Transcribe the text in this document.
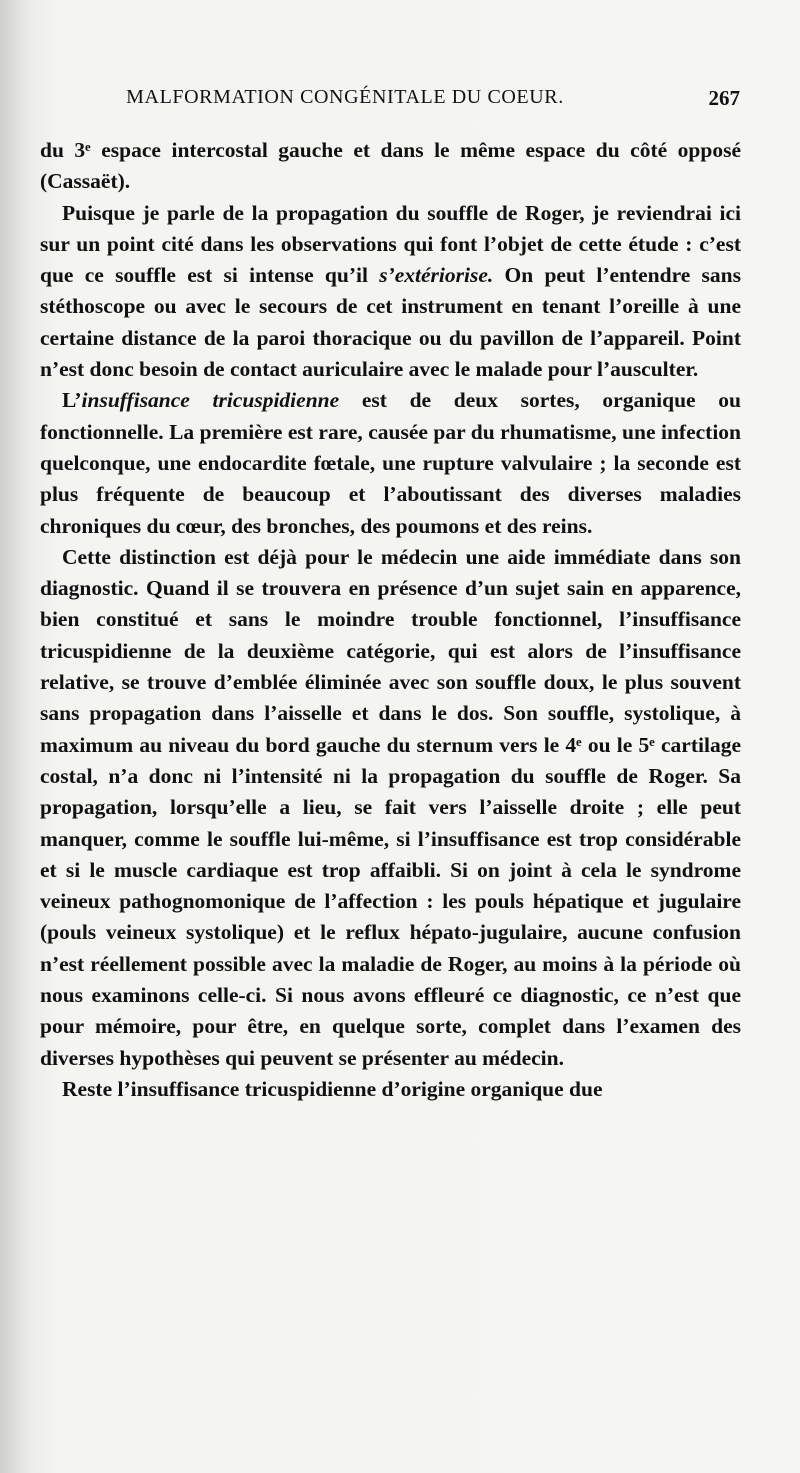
MALFORMATION CONGÉNITALE DU COEUR.	267

du 3ᵉ espace intercostal gauche et dans le même espace du côté opposé (Cassaët).

Puisque je parle de la propagation du souffle de Roger, je reviendrai ici sur un point cité dans les observations qui font l’objet de cette étude : c’est que ce souffle est si intense qu’il s’extériorise. On peut l’entendre sans stéthoscope ou avec le secours de cet instrument en tenant l’oreille à une certaine distance de la paroi thoracique ou du pavillon de l’appareil. Point n’est donc besoin de contact auriculaire avec le malade pour l’ausculter.

L’insuffisance tricuspidienne est de deux sortes, organique ou fonctionnelle. La première est rare, causée par du rhumatisme, une infection quelconque, une endocardite fœtale, une rupture valvulaire ; la seconde est plus fréquente de beaucoup et l’aboutissant des diverses maladies chroniques du cœur, des bronches, des poumons et des reins.

Cette distinction est déjà pour le médecin une aide immédiate dans son diagnostic. Quand il se trouvera en présence d’un sujet sain en apparence, bien constitué et sans le moindre trouble fonctionnel, l’insuffisance tricuspidienne de la deuxième catégorie, qui est alors de l’insuffisance relative, se trouve d’emblée éliminée avec son souffle doux, le plus souvent sans propagation dans l’aisselle et dans le dos. Son souffle, systolique, à maximum au niveau du bord gauche du sternum vers le 4ᵉ ou le 5ᵉ cartilage costal, n’a donc ni l’intensité ni la propagation du souffle de Roger. Sa propagation, lorsqu’elle a lieu, se fait vers l’aisselle droite ; elle peut manquer, comme le souffle lui-même, si l’insuffisance est trop considérable et si le muscle cardiaque est trop affaibli. Si on joint à cela le syndrome veineux pathognomonique de l’affection : les pouls hépatique et jugulaire (pouls veineux systolique) et le reflux hépato-jugulaire, aucune confusion n’est réellement possible avec la maladie de Roger, au moins à la période où nous examinons celle-ci. Si nous avons effleuré ce diagnostic, ce n’est que pour mémoire, pour être, en quelque sorte, complet dans l’examen des diverses hypothèses qui peuvent se présenter au médecin.

Reste l’insuffisance tricuspidienne d’origine organique due
